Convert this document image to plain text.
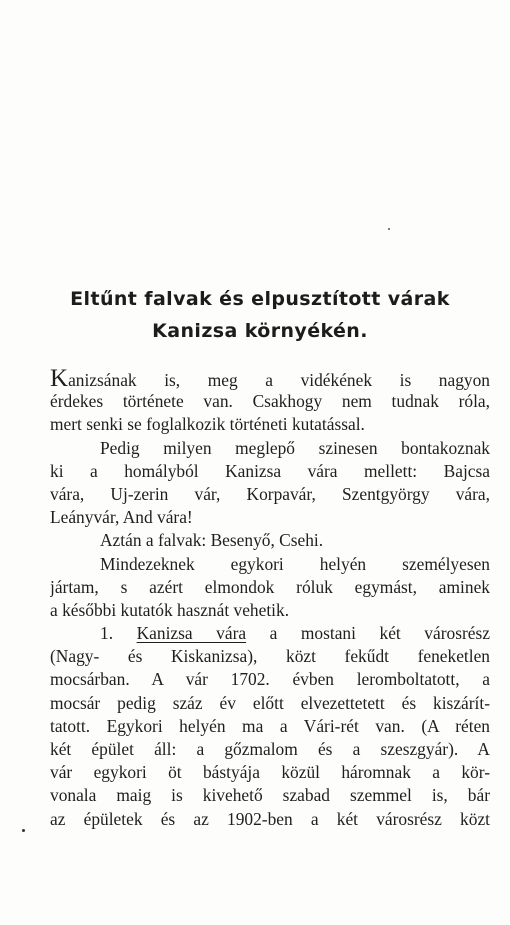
Eltűnt falvak és elpusztított várak
Kanizsa környékén.
Kanizsának is, meg a vidékének is nagyon
érdekes története van. Csakhogy nem tudnak róla,
mert senki se foglalkozik történeti kutatással.
Pedig milyen meglepő szinesen bontakoznak
ki a homályból Kanizsa vára mellett: Bajcsa
vára, Uj-zerin vár, Korpavár, Szentgyörgy vára,
Leányvár, And vára!
Aztán a falvak: Besenyő, Csehi.
Mindezeknek egykori helyén személyesen
jártam, s azért elmondok róluk egymást, aminek
a későbbi kutatók hasznát vehetik.
1. Kanizsa vára a mostani két városrész
(Nagy- és Kiskanizsa), közt fekűdt feneketlen
mocsárban. A vár 1702. évben leromboltatott, a
mocsár pedig száz év előtt elvezettetett és kiszárít-
tatott. Egykori helyén ma a Vári-rét van. (A réten
két épület áll: a gőzmalom és a szeszgyár). A
vár egykori öt bástyája közül háromnak a kör-
vonala maig is kivehető szabad szemmel is, bár
az épületek és az 1902-ben a két városrész közt
